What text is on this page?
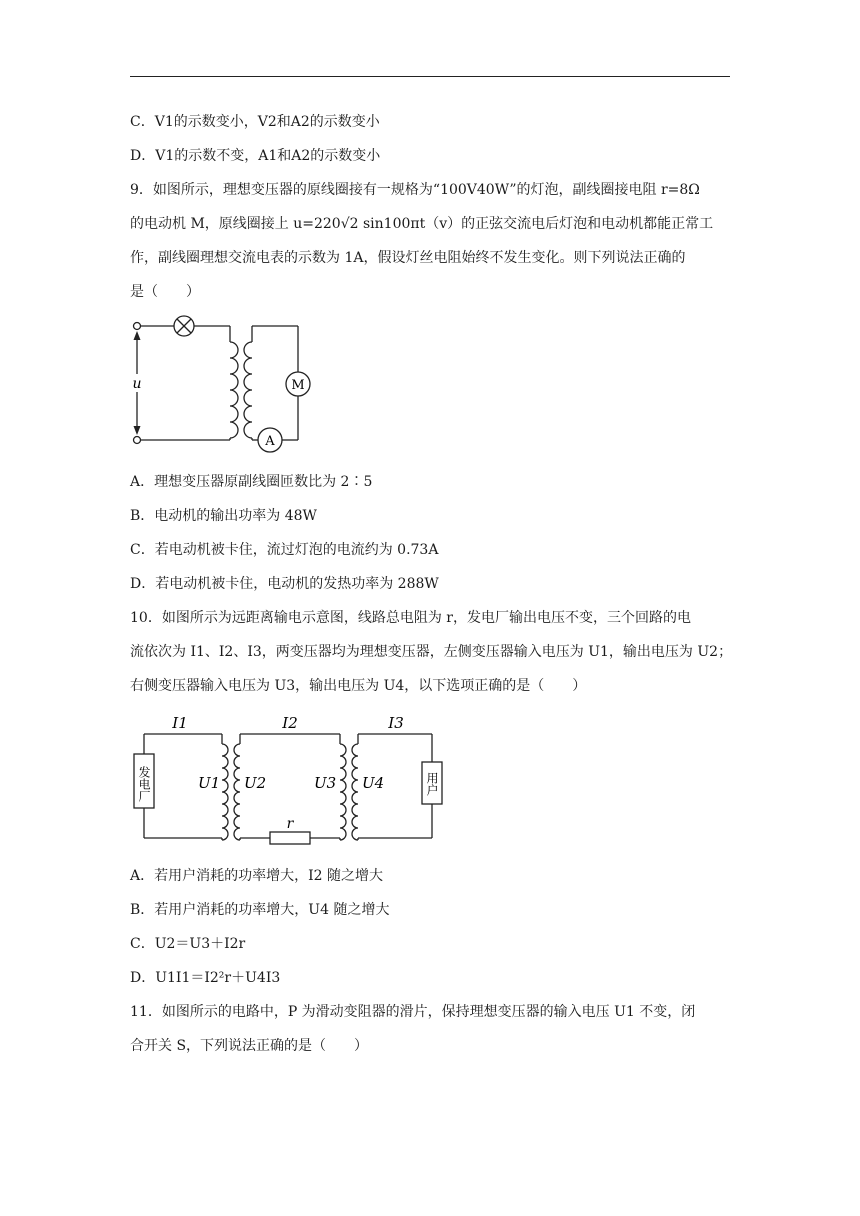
C．V1的示数变小，V2和A2的示数变小
D．V1的示数不变，A1和A2的示数变小
9．如图所示，理想变压器的原线圈接有一规格为“100V40W”的灯泡，副线圈接电阻 r=8Ω
的电动机 M，原线圈接上 u=220√2 sin100πt（v）的正弦交流电后灯泡和电动机都能正常工
作，副线圈理想交流电表的示数为 1A，假设灯丝电阻始终不发生变化。则下列说法正确的
是（　　）
u	M
A
A．理想变压器原副线圈匝数比为 2∶5
B．电动机的输出功率为 48W
C．若电动机被卡住，流过灯泡的电流约为 0.73A
D．若电动机被卡住，电动机的发热功率为 288W
10．如图所示为远距离输电示意图，线路总电阻为 r，发电厂输出电压不变，三个回路的电
流依次为 I1、I2、I3，两变压器均为理想变压器，左侧变压器输入电压为 U1，输出电压为 U2；
右侧变压器输入电压为 U3，输出电压为 U4，以下选项正确的是（　　）
I1	I2	I3
U1 U2	U3 U4
r
发电厂	用户
A．若用户消耗的功率增大，I2 随之增大
B．若用户消耗的功率增大，U4 随之增大
C．U2＝U3＋I2r
D．U1I1＝I2²r＋U4I3
11．如图所示的电路中，P 为滑动变阻器的滑片，保持理想变压器的输入电压 U1 不变，闭
合开关 S，下列说法正确的是（　　）
